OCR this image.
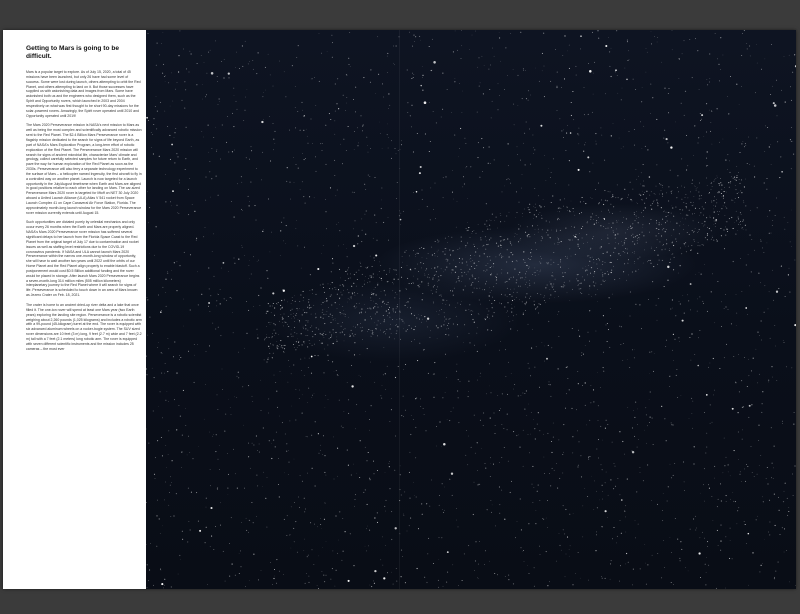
Getting to Mars is going to be difficult.

Mars is a popular target to explore. As of July 15, 2020, a total of 45 missions have been launched, but only 26 have had some level of success. Some were lost during launch, others attempting to orbit the Red Planet, and others attempting to land on it. But those successes have supplied us with astonishing data and images from Mars. Some have astonished both us and the engineers who designed them, such as the Spirit and Opportunity rovers, which launched in 2003 and 2004 respectively on what was first thought to be short 90-day missions for the solar-powered rovers. Amazingly, the Spirit rover operated until 2010 and Opportunity operated until 2019!

The Mars 2020 Perseverance mission is NASA's next mission to Mars as well as being the most complex and scientifically advanced robotic mission sent to the Red Planet. The $2.4 Billion Mars Perseverance rover is a flagship mission dedicated to the search for signs of life beyond Earth, as part of NASA's Mars Exploration Program, a long-term effort of robotic exploration of the Red Planet. The Perseverance Mars 2020 mission will search for signs of ancient microbial life, characterize Mars' climate and geology, collect carefully selected samples for future return to Earth, and pave the way for human exploration of the Red Planet as soon as the 2030s. Perseverance will also ferry a separate technology experiment to the surface of Mars – a helicopter named Ingenuity, the first aircraft to fly in a controlled way on another planet. Launch is now targeted for a launch opportunity in the July/August timeframe when Earth and Mars are aligned in good positions relative to each other for landing on Mars. The car-sized Perseverance Mars 2020 rover is targeted for liftoff on NET 30 July 2020 aboard a United Launch Alliance (ULA) Atlas V 541 rocket from Space Launch Complex 41 on Cape Canaveral Air Force Station, Florida. The approximately month-long launch window for the Mars 2020 Perseverance rover mission currently extends until August 15.

Such opportunities are dictated purely by celestial mechanics and only occur every 26 months when the Earth and Mars are properly aligned. NASA's Mars 2020 Perseverance rover mission has suffered several significant delays to her launch from the Florida Space Coast to the Red Planet from the original target of July 17 due to contamination and rocket issues as well as staffing level restrictions due to the COVID-19 coronavirus pandemic. If NASA and ULA cannot launch Mars 2020 Perseverance within the narrow one-month-long window of opportunity, she will have to wait another two years until 2022 until the orbits of our Home Planet and the Red Planet align properly to enable blastoff. Such a postponement would cost $0.5 Billion additional funding and the rover would be placed in storage. After launch Mars 2020 Perseverance begins a seven-month-long 314 million miles (505 million kilometers) interplanetary journey to the Red Planet where it will search for signs of life. Perseverance is scheduled to touch down in an area of Mars known as Jezero Crater on Feb. 18, 2021.

The crater is home to an ancient dried-up river delta and a lake that once filled it. The one-ton rover will spend at least one Mars year (two Earth years) exploring the landing site region. Perseverance is a robotic scientist weighing about 2,260 pounds (1,025 kilograms) and includes a robotic arm with a 99-pound (45-kilogram) turret at the end. The rover is equipped with six advanced aluminum wheels on a rocker-bogie system. The SUV sized rover dimensions are 10 feet (3 m) long, 9 feet (2.7 m) wide and 7 feet (2.2 m) tall with a 7 feet (2.1 meters) long robotic arm. The rover is equipped with seven different scientific instruments and the mission includes 25 cameras – the most ever
